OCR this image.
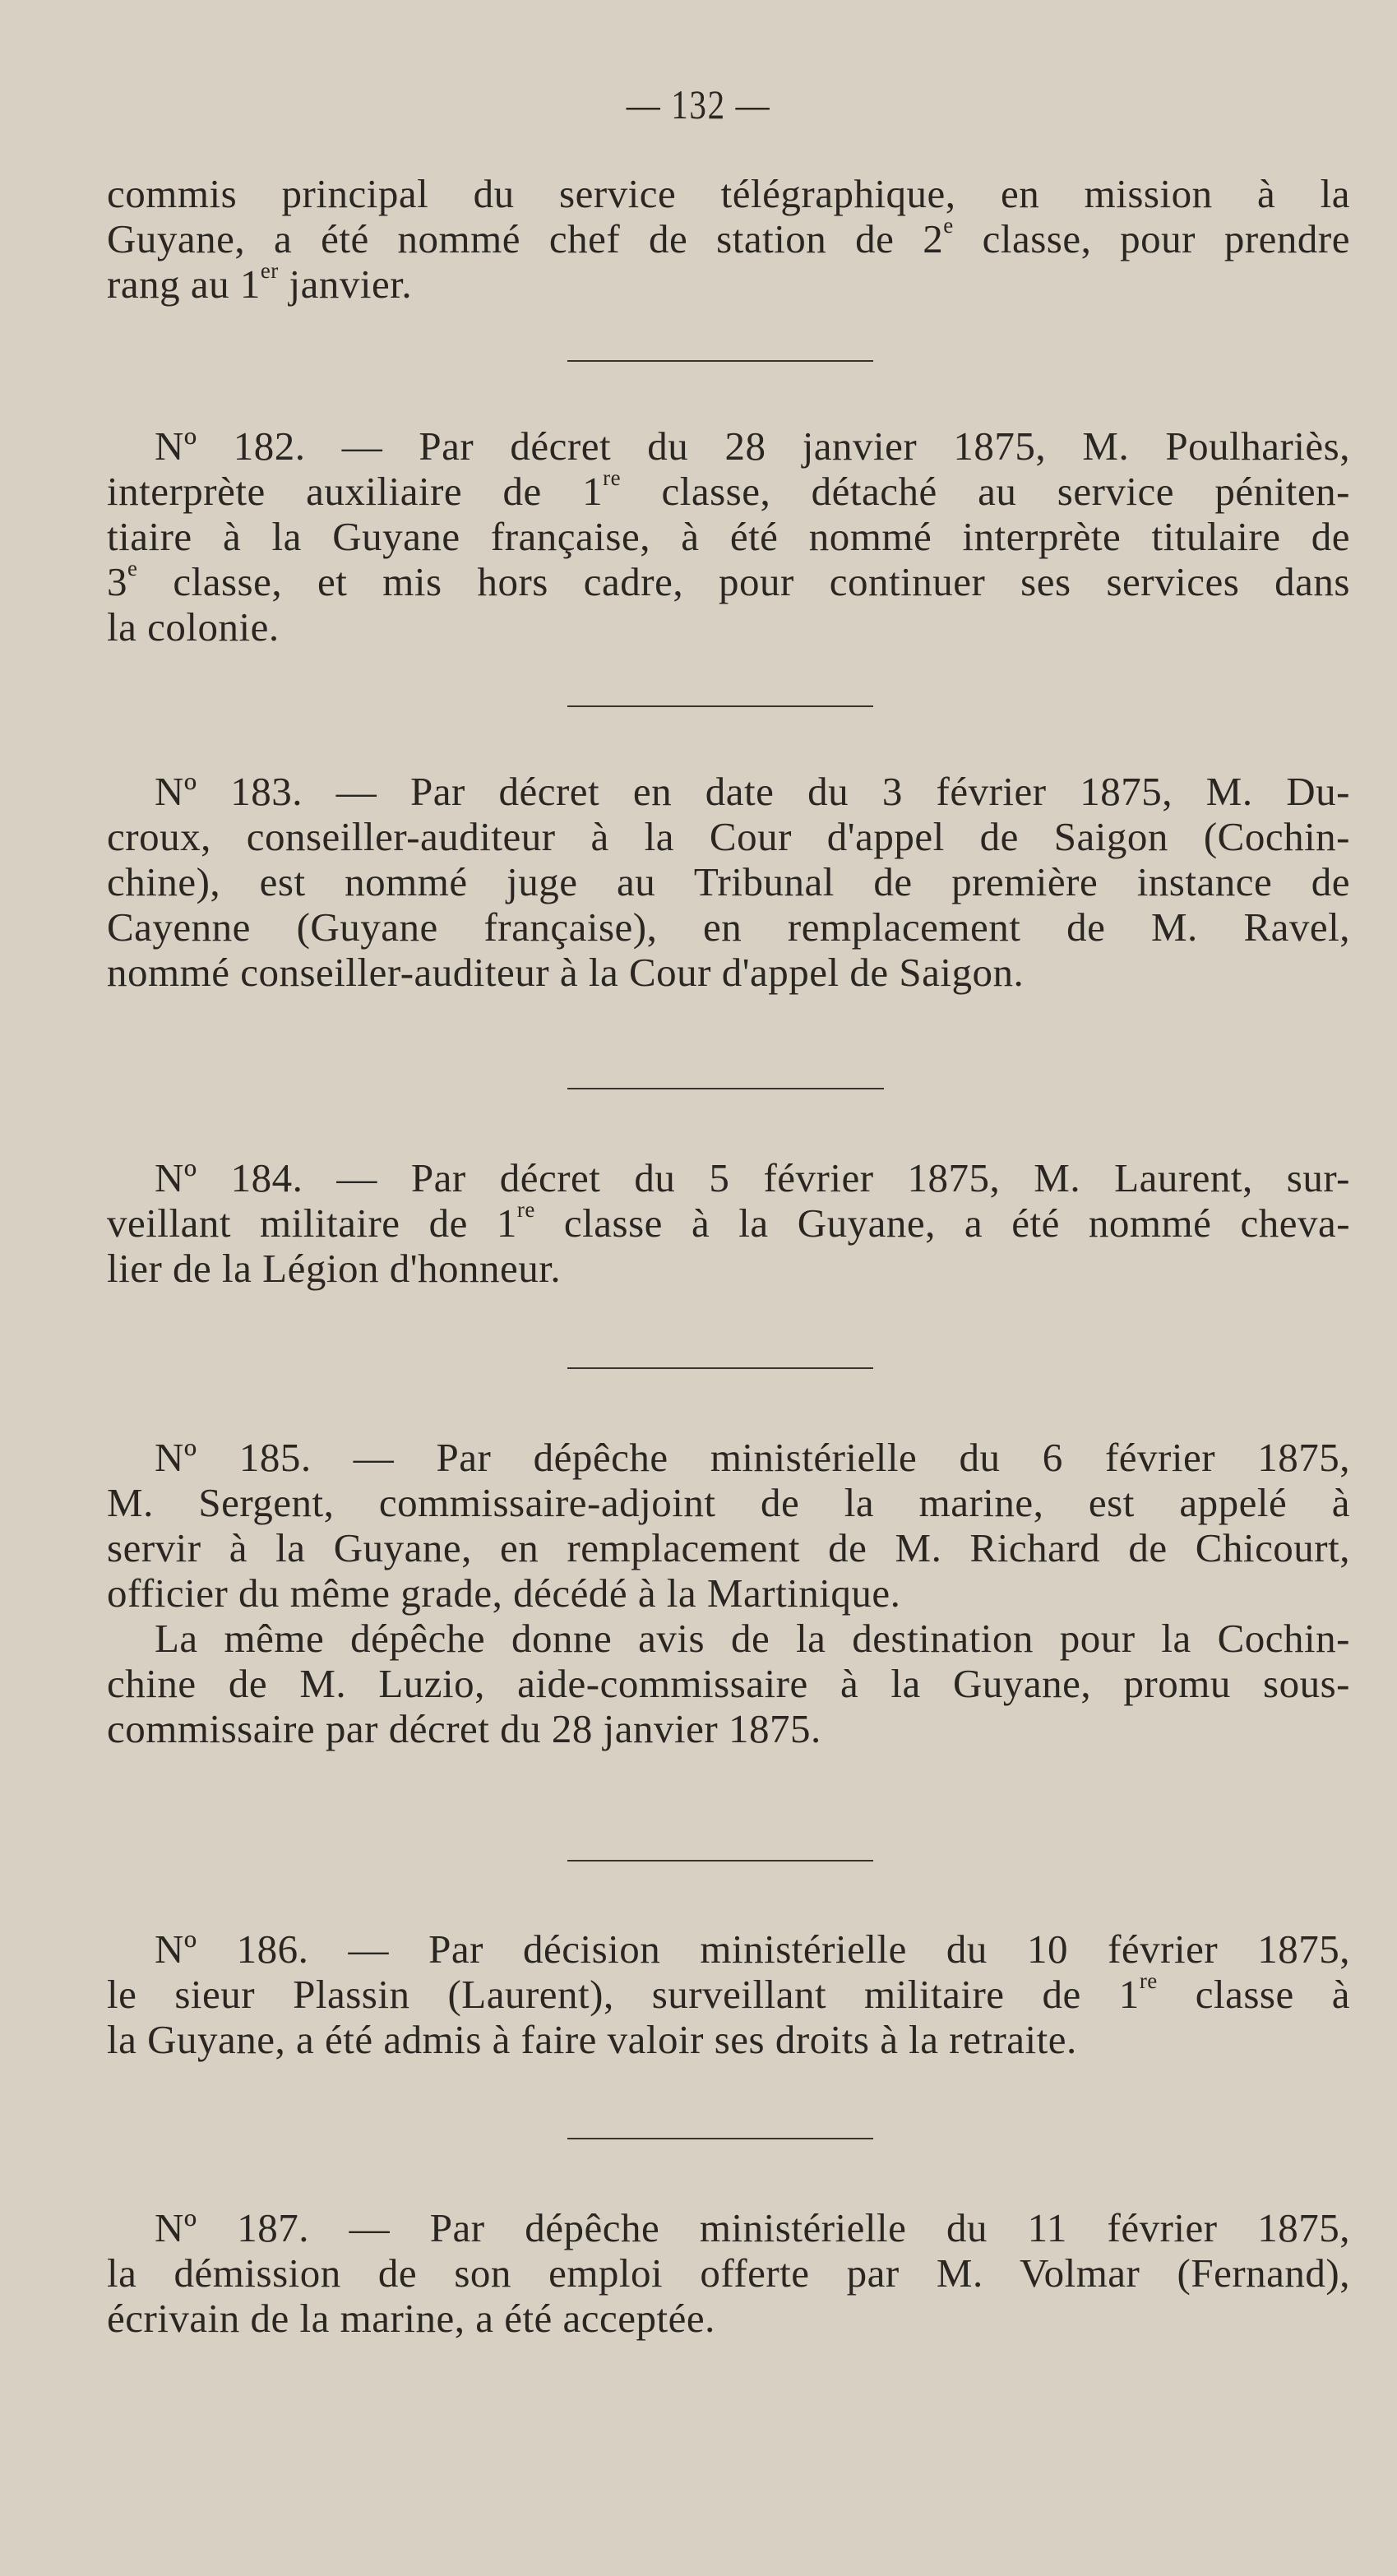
— 132 —
commis principal du service télégraphique, en mission à la
Guyane, a été nommé chef de station de 2e classe, pour prendre
rang au 1er janvier.
Nº 182. — Par décret du 28 janvier 1875, M. Poulhariès,
interprète auxiliaire de 1re classe, détaché au service péniten-
tiaire à la Guyane française, à été nommé interprète titulaire de
3e classe, et mis hors cadre, pour continuer ses services dans
la colonie.
Nº 183. — Par décret en date du 3 février 1875, M. Du-
croux, conseiller-auditeur à la Cour d'appel de Saigon (Cochin-
chine), est nommé juge au Tribunal de première instance de
Cayenne (Guyane française), en remplacement de M. Ravel,
nommé conseiller-auditeur à la Cour d'appel de Saigon.
Nº 184. — Par décret du 5 février 1875, M. Laurent, sur-
veillant militaire de 1re classe à la Guyane, a été nommé cheva-
lier de la Légion d'honneur.
Nº 185. — Par dépêche ministérielle du 6 février 1875,
M. Sergent, commissaire-adjoint de la marine, est appelé à
servir à la Guyane, en remplacement de M. Richard de Chicourt,
officier du même grade, décédé à la Martinique.
La même dépêche donne avis de la destination pour la Cochin-
chine de M. Luzio, aide-commissaire à la Guyane, promu sous-
commissaire par décret du 28 janvier 1875.
Nº 186. — Par décision ministérielle du 10 février 1875,
le sieur Plassin (Laurent), surveillant militaire de 1re classe à
la Guyane, a été admis à faire valoir ses droits à la retraite.
Nº 187. — Par dépêche ministérielle du 11 février 1875,
la démission de son emploi offerte par M. Volmar (Fernand),
écrivain de la marine, a été acceptée.
